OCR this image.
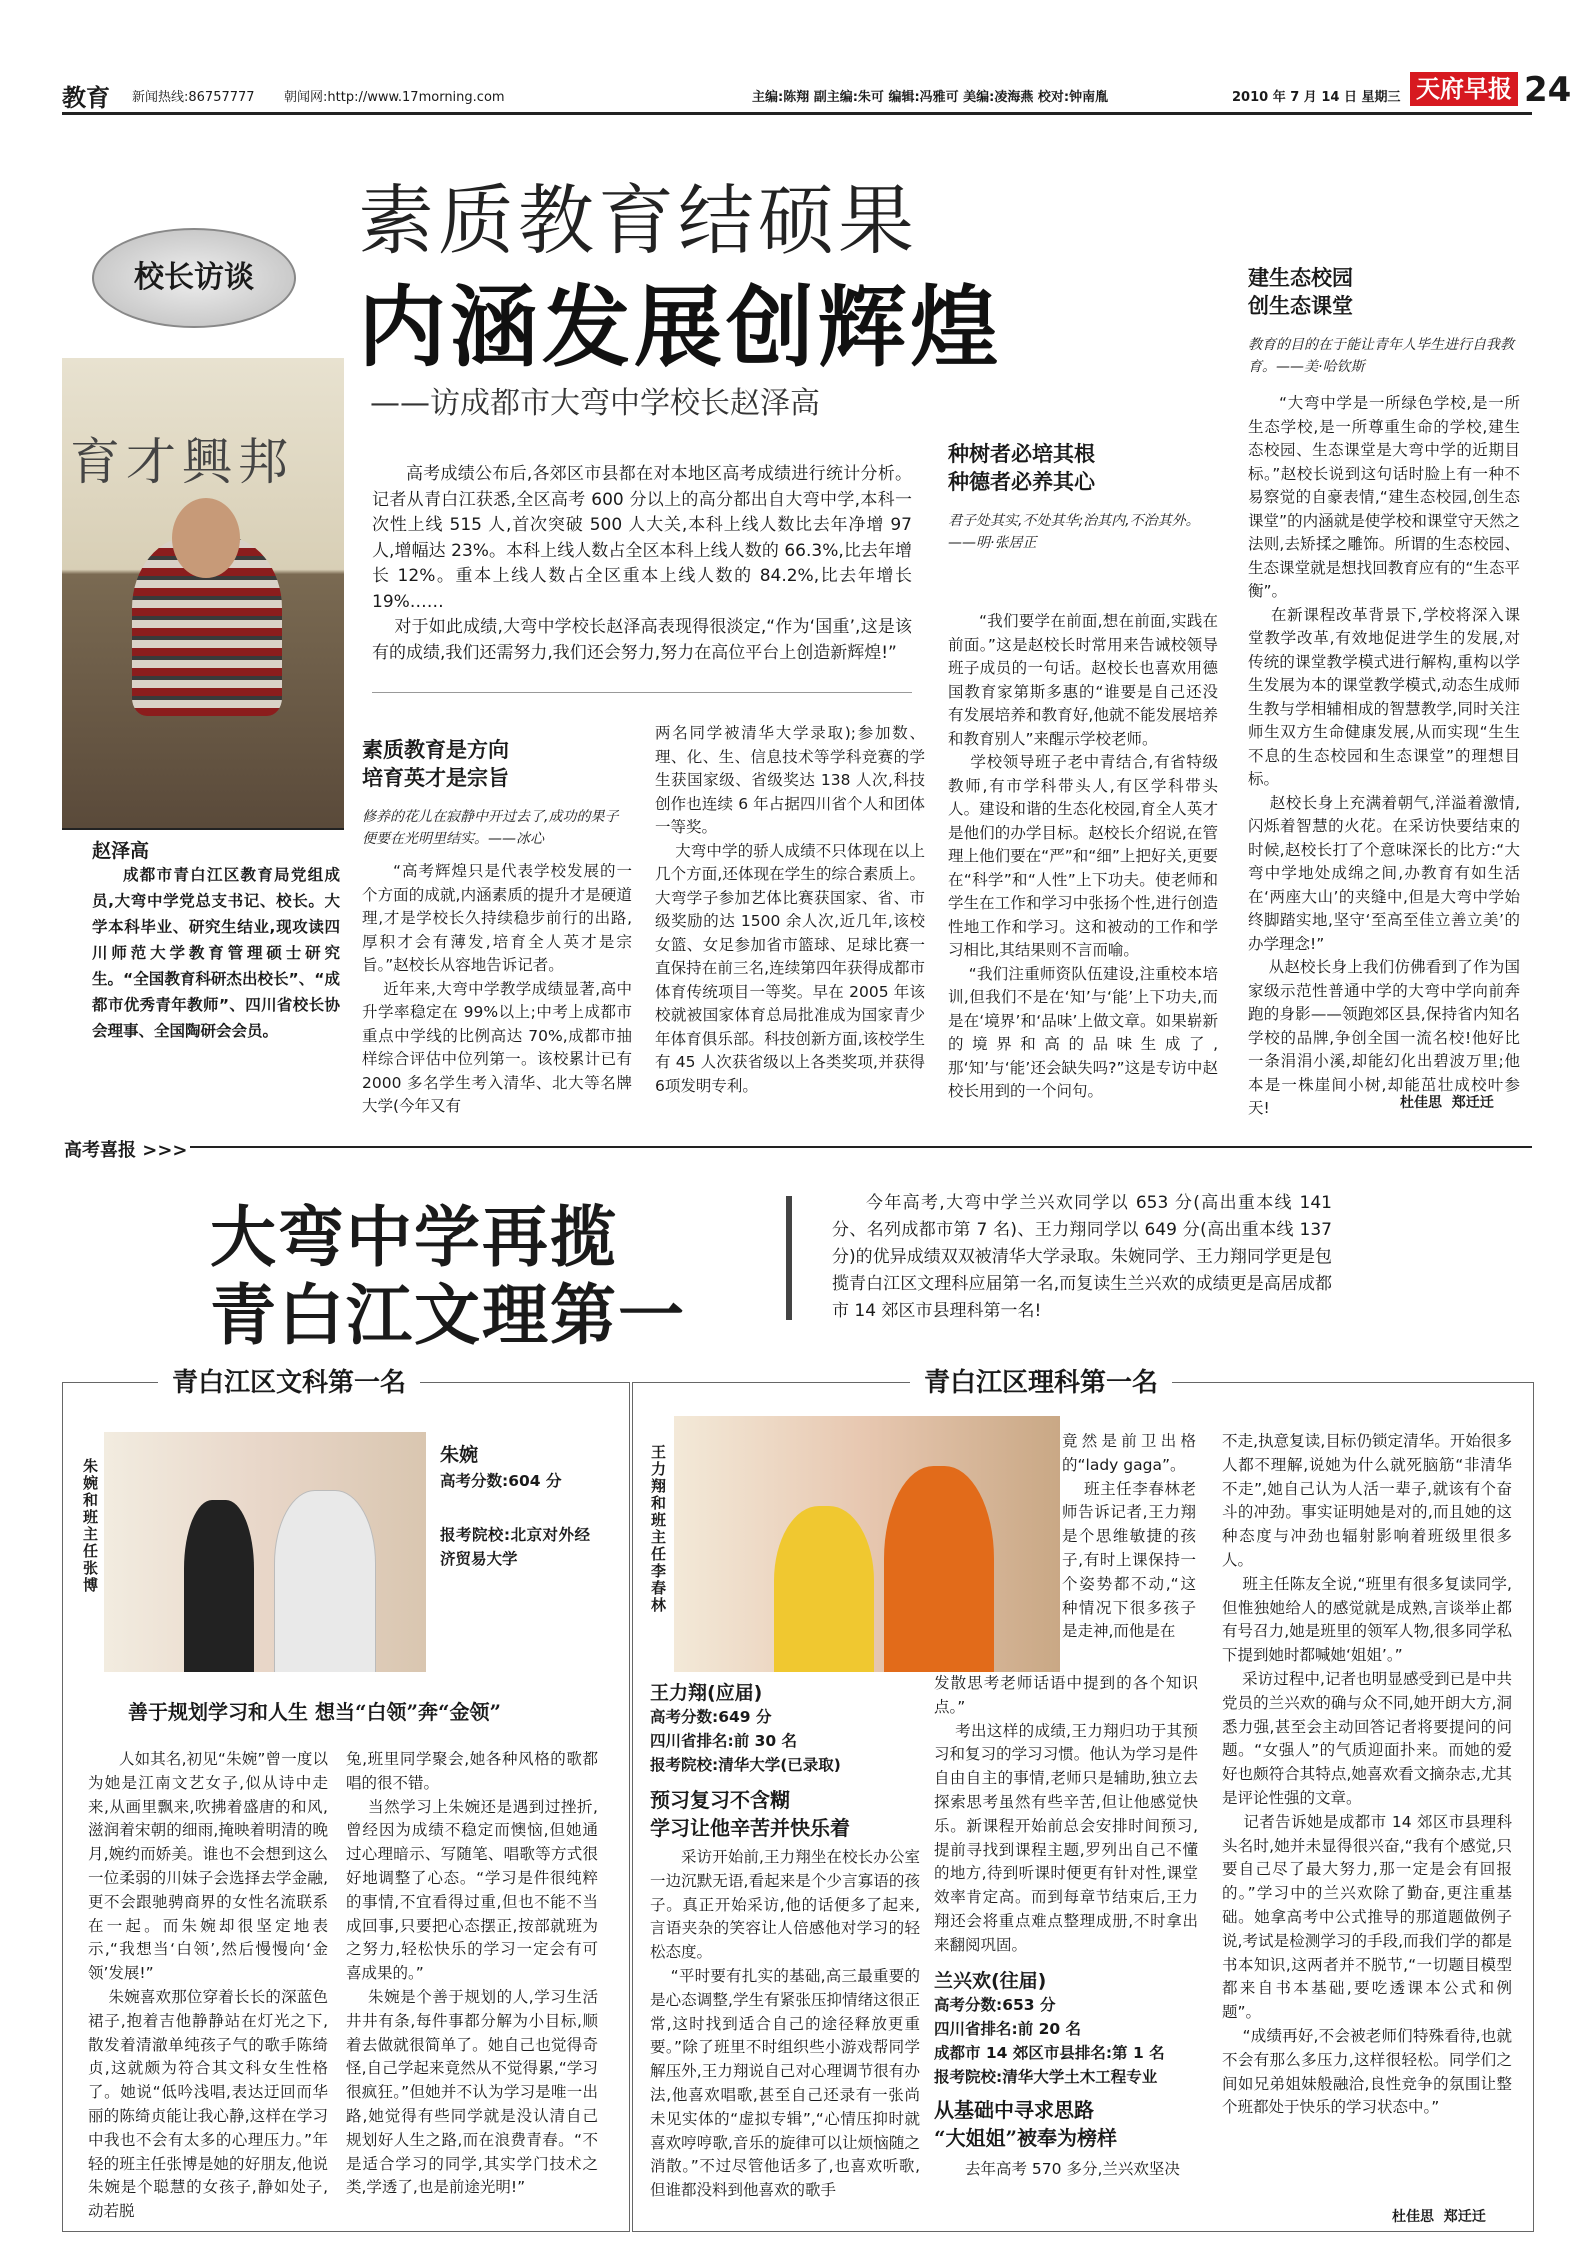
教育 新闻热线:86757777 朝闻网:http://www.17morning.com	主编:陈翔 副主编:朱可 编辑:冯雅可 美编:凌海燕 校对:钟南胤	2010 年 7 月 14 日 星期三 天府早报 24
校长访谈
素质教育结硕果
内涵发展创辉煌
——访成都市大弯中学校长赵泽高
育才興邦
赵泽高
成都市青白江区教育局党组成员,大弯中学党总支书记、校长。大学本科毕业、研究生结业,现攻读四川师范大学教育管理硕士研究生。“全国教育科研杰出校长”、“成都市优秀青年教师”、四川省校长协会理事、全国陶研会会员。
高考成绩公布后,各郊区市县都在对本地区高考成绩进行统计分析。记者从青白江获悉,全区高考 600 分以上的高分都出自大弯中学,本科一次性上线 515 人,首次突破 500 人大关,本科上线人数比去年净增 97 人,增幅达 23%。本科上线人数占全区本科上线人数的 66.3%,比去年增长 12%。重本上线人数占全区重本上线人数的 84.2%,比去年增长 19%……
对于如此成绩,大弯中学校长赵泽高表现得很淡定,“作为‘国重’,这是该有的成绩,我们还需努力,我们还会努力,努力在高位平台上创造新辉煌!”
素质教育是方向
培育英才是宗旨
修养的花儿在寂静中开过去了,成功的果子便要在光明里结实。——冰心
“高考辉煌只是代表学校发展的一个方面的成就,内涵素质的提升才是硬道理,才是学校长久持续稳步前行的出路,厚积才会有薄发,培育全人英才是宗旨。”赵校长从容地告诉记者。
近年来,大弯中学教学成绩显著,高中升学率稳定在 99%以上;中考上成都市重点中学线的比例高达 70%,成都市抽样综合评估中位列第一。该校累计已有 2000 多名学生考入清华、北大等名牌大学(今年又有
两名同学被清华大学录取);参加数、理、化、生、信息技术等学科竞赛的学生获国家级、省级奖达 138 人次,科技创作也连续 6 年占据四川省个人和团体一等奖。
大弯中学的骄人成绩不只体现在以上几个方面,还体现在学生的综合素质上。大弯学子参加艺体比赛获国家、省、市级奖励的达 1500 余人次,近几年,该校女篮、女足参加省市篮球、足球比赛一直保持在前三名,连续第四年获得成都市体育传统项目一等奖。早在 2005 年该校就被国家体育总局批准成为国家青少年体育俱乐部。科技创新方面,该校学生有 45 人次获省级以上各类奖项,并获得 6项发明专利。
种树者必培其根
种德者必养其心
君子处其实,不处其华;治其内,不治其外。——明·张居正
“我们要学在前面,想在前面,实践在前面。”这是赵校长时常用来告诫校领导班子成员的一句话。赵校长也喜欢用德国教育家第斯多惠的“谁要是自己还没有发展培养和教育好,他就不能发展培养和教育别人”来醒示学校老师。
学校领导班子老中青结合,有省特级教师,有市学科带头人,有区学科带头人。建设和谐的生态化校园,育全人英才是他们的办学目标。赵校长介绍说,在管理上他们要在“严”和“细”上把好关,更要在“科学”和“人性”上下功夫。使老师和学生在工作和学习中张扬个性,进行创造性地工作和学习。这和被动的工作和学习相比,其结果则不言而喻。
“我们注重师资队伍建设,注重校本培训,但我们不是在‘知’与‘能’上下功夫,而是在‘境界’和‘品味’上做文章。如果崭新的境界和高的品味生成了,那‘知’与‘能’还会缺失吗?”这是专访中赵校长用到的一个问句。
建生态校园
创生态课堂
教育的目的在于能让青年人毕生进行自我教育。——美·哈钦斯
“大弯中学是一所绿色学校,是一所生态学校,是一所尊重生命的学校,建生态校园、生态课堂是大弯中学的近期目标。”赵校长说到这句话时脸上有一种不易察觉的自豪表情,“建生态校园,创生态课堂”的内涵就是使学校和课堂守天然之法则,去矫揉之雕饰。所谓的生态校园、生态课堂就是想找回教育应有的“生态平衡”。
在新课程改革背景下,学校将深入课堂教学改革,有效地促进学生的发展,对传统的课堂教学模式进行解构,重构以学生发展为本的课堂教学模式,动态生成师生教与学相辅相成的智慧教学,同时关注师生双方生命健康发展,从而实现“生生不息的生态校园和生态课堂”的理想目标。
赵校长身上充满着朝气,洋溢着激情,闪烁着智慧的火花。在采访快要结束的时候,赵校长打了个意味深长的比方:“大弯中学地处成绵之间,办教育有如生活在‘两座大山’的夹缝中,但是大弯中学始终脚踏实地,坚守‘至高至佳立善立美’的办学理念!”
从赵校长身上我们仿佛看到了作为国家级示范性普通中学的大弯中学向前奔跑的身影——领跑郊区县,保持省内知名学校的品牌,争创全国一流名校!他好比一条涓涓小溪,却能幻化出碧波万里;他本是一株崖间小树,却能茁壮成校叶参天!	杜佳思  郑迁迁
高考喜报 >>>
大弯中学再揽
青白江文理第一
今年高考,大弯中学兰兴欢同学以 653 分(高出重本线 141 分、名列成都市第 7 名)、王力翔同学以 649 分(高出重本线 137 分)的优异成绩双双被清华大学录取。朱婉同学、王力翔同学更是包揽青白江区文理科应届第一名,而复读生兰兴欢的成绩更是高居成都市 14 郊区市县理科第一名!
青白江区文科第一名
朱婉和班主任张博
朱婉
高考分数:604 分
报考院校:北京对外经济贸易大学
善于规划学习和人生 想当“白领”奔“金领”
人如其名,初见“朱婉”曾一度以为她是江南文艺女子,似从诗中走来,从画里飘来,吹拂着盛唐的和风,滋润着宋朝的细雨,掩映着明清的晚月,婉约而娇美。谁也不会想到这么一位柔弱的川妹子会选择去学金融,更不会跟驰骋商界的女性名流联系在一起。而朱婉却很坚定地表示,“我想当‘白领’,然后慢慢向‘金领’发展!”
朱婉喜欢那位穿着长长的深蓝色裙子,抱着吉他静静站在灯光之下,散发着清澈单纯孩子气的歌手陈绮贞,这就颇为符合其文科女生性格了。她说“低吟浅唱,表达迂回而华丽的陈绮贞能让我心静,这样在学习中我也不会有太多的心理压力。”年轻的班主任张博是她的好朋友,他说朱婉是个聪慧的女孩子,静如处子,动若脱
兔,班里同学聚会,她各种风格的歌都唱的很不错。
当然学习上朱婉还是遇到过挫折,曾经因为成绩不稳定而懊恼,但她通过心理暗示、写随笔、唱歌等方式很好地调整了心态。“学习是件很纯粹的事情,不宜看得过重,但也不能不当成回事,只要把心态摆正,按部就班为之努力,轻松快乐的学习一定会有可喜成果的。”
朱婉是个善于规划的人,学习生活井井有条,每件事都分解为小目标,顺着去做就很简单了。她自己也觉得奇怪,自己学起来竟然从不觉得累,“学习很疯狂。”但她并不认为学习是唯一出路,她觉得有些同学就是没认清自己规划好人生之路,而在浪费青春。“不是适合学习的同学,其实学门技术之类,学透了,也是前途光明!”
青白江区理科第一名
王力翔和班主任李春林
王力翔(应届)
高考分数:649 分
四川省排名:前 30 名
报考院校:清华大学(已录取)
预习复习不含糊
学习让他辛苦并快乐着
采访开始前,王力翔坐在校长办公室一边沉默无语,看起来是个少言寡语的孩子。真正开始采访,他的话便多了起来,言语夹杂的笑容让人倍感他对学习的轻松态度。
“平时要有扎实的基础,高三最重要的是心态调整,学生有紧张压抑情绪这很正常,这时找到适合自己的途径释放更重要。”除了班里不时组织些小游戏帮同学解压外,王力翔说自己对心理调节很有办法,他喜欢唱歌,甚至自己还录有一张尚未见实体的“虚拟专辑”,“心情压抑时就喜欢哼哼歌,音乐的旋律可以让烦恼随之消散。”不过尽管他话多了,也喜欢听歌,但谁都没料到他喜欢的歌手
竟然是前卫出格的“lady gaga”。
班主任李春林老师告诉记者,王力翔是个思维敏捷的孩子,有时上课保持一个姿势都不动,“这种情况下很多孩子是走神,而他是在
发散思考老师话语中提到的各个知识点。”
考出这样的成绩,王力翔归功于其预习和复习的学习习惯。他认为学习是件自由自主的事情,老师只是辅助,独立去探索思考虽然有些辛苦,但让他感觉快乐。新课程开始前总会安排时间预习,提前寻找到课程主题,罗列出自己不懂的地方,待到听课时便更有针对性,课堂效率肯定高。而到每章节结束后,王力翔还会将重点难点整理成册,不时拿出来翻阅巩固。
兰兴欢(往届)
高考分数:653 分
四川省排名:前 20 名
成都市 14 郊区市县排名:第 1 名
报考院校:清华大学土木工程专业
从基础中寻求思路
“大姐姐”被奉为榜样
去年高考 570 多分,兰兴欢坚决
不走,执意复读,目标仍锁定清华。开始很多人都不理解,说她为什么就死脑筋“非清华不走”,她自己认为人活一辈子,就该有个奋斗的冲劲。事实证明她是对的,而且她的这种态度与冲劲也辐射影响着班级里很多人。
班主任陈友全说,“班里有很多复读同学,但惟独她给人的感觉就是成熟,言谈举止都有号召力,她是班里的领军人物,很多同学私下提到她时都喊她‘姐姐’。”
采访过程中,记者也明显感受到已是中共党员的兰兴欢的确与众不同,她开朗大方,洞悉力强,甚至会主动回答记者将要提问的问题。“女强人”的气质迎面扑来。而她的爱好也颇符合其特点,她喜欢看文摘杂志,尤其是评论性强的文章。
记者告诉她是成都市 14 郊区市县理科头名时,她并未显得很兴奋,“我有个感觉,只要自己尽了最大努力,那一定是会有回报的。”学习中的兰兴欢除了勤奋,更注重基础。她拿高考中公式推导的那道题做例子说,考试是检测学习的手段,而我们学的都是书本知识,这两者并不脱节,“一切题目模型都来自书本基础,要吃透课本公式和例题”。
“成绩再好,不会被老师们特殊看待,也就不会有那么多压力,这样很轻松。同学们之间如兄弟姐妹般融洽,良性竞争的氛围让整个班都处于快乐的学习状态中。”
杜佳思  郑迁迁
